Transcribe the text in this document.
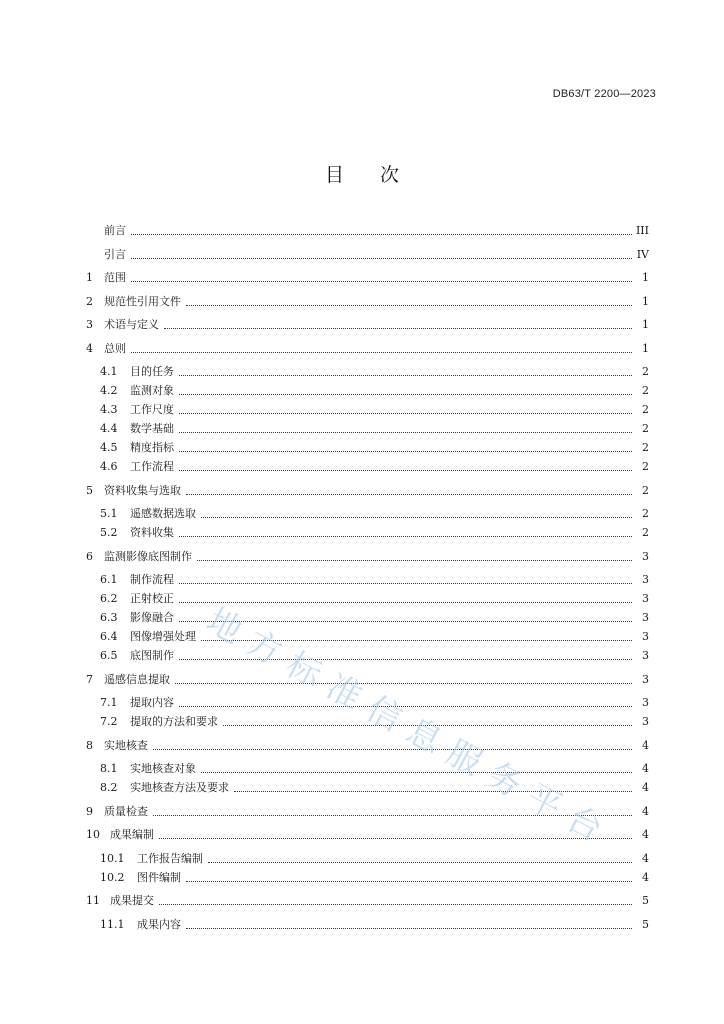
DB63/T 2200—2023
目 次
前言	III
引言	IV
1	范围	1
2	规范性引用文件	1
3	术语与定义	1
4	总则	1
4.1	目的任务	2
4.2	监测对象	2
4.3	工作尺度	2
4.4	数学基础	2
4.5	精度指标	2
4.6	工作流程	2
5	资料收集与选取	2
5.1	遥感数据选取	2
5.2	资料收集	2
6	监测影像底图制作	3
6.1	制作流程	3
6.2	正射校正	3
6.3	影像融合	3
6.4	图像增强处理	3
6.5	底图制作	3
7	遥感信息提取	3
7.1	提取内容	3
7.2	提取的方法和要求	3
8	实地核查	4
8.1	实地核查对象	4
8.2	实地核查方法及要求	4
9	质量检查	4
10 成果编制	4
10.1	工作报告编制	4
10.2	图件编制	4
11 成果提交	5
11.1	成果内容	5
地
方
标
准
信
息
服
务
平
台
